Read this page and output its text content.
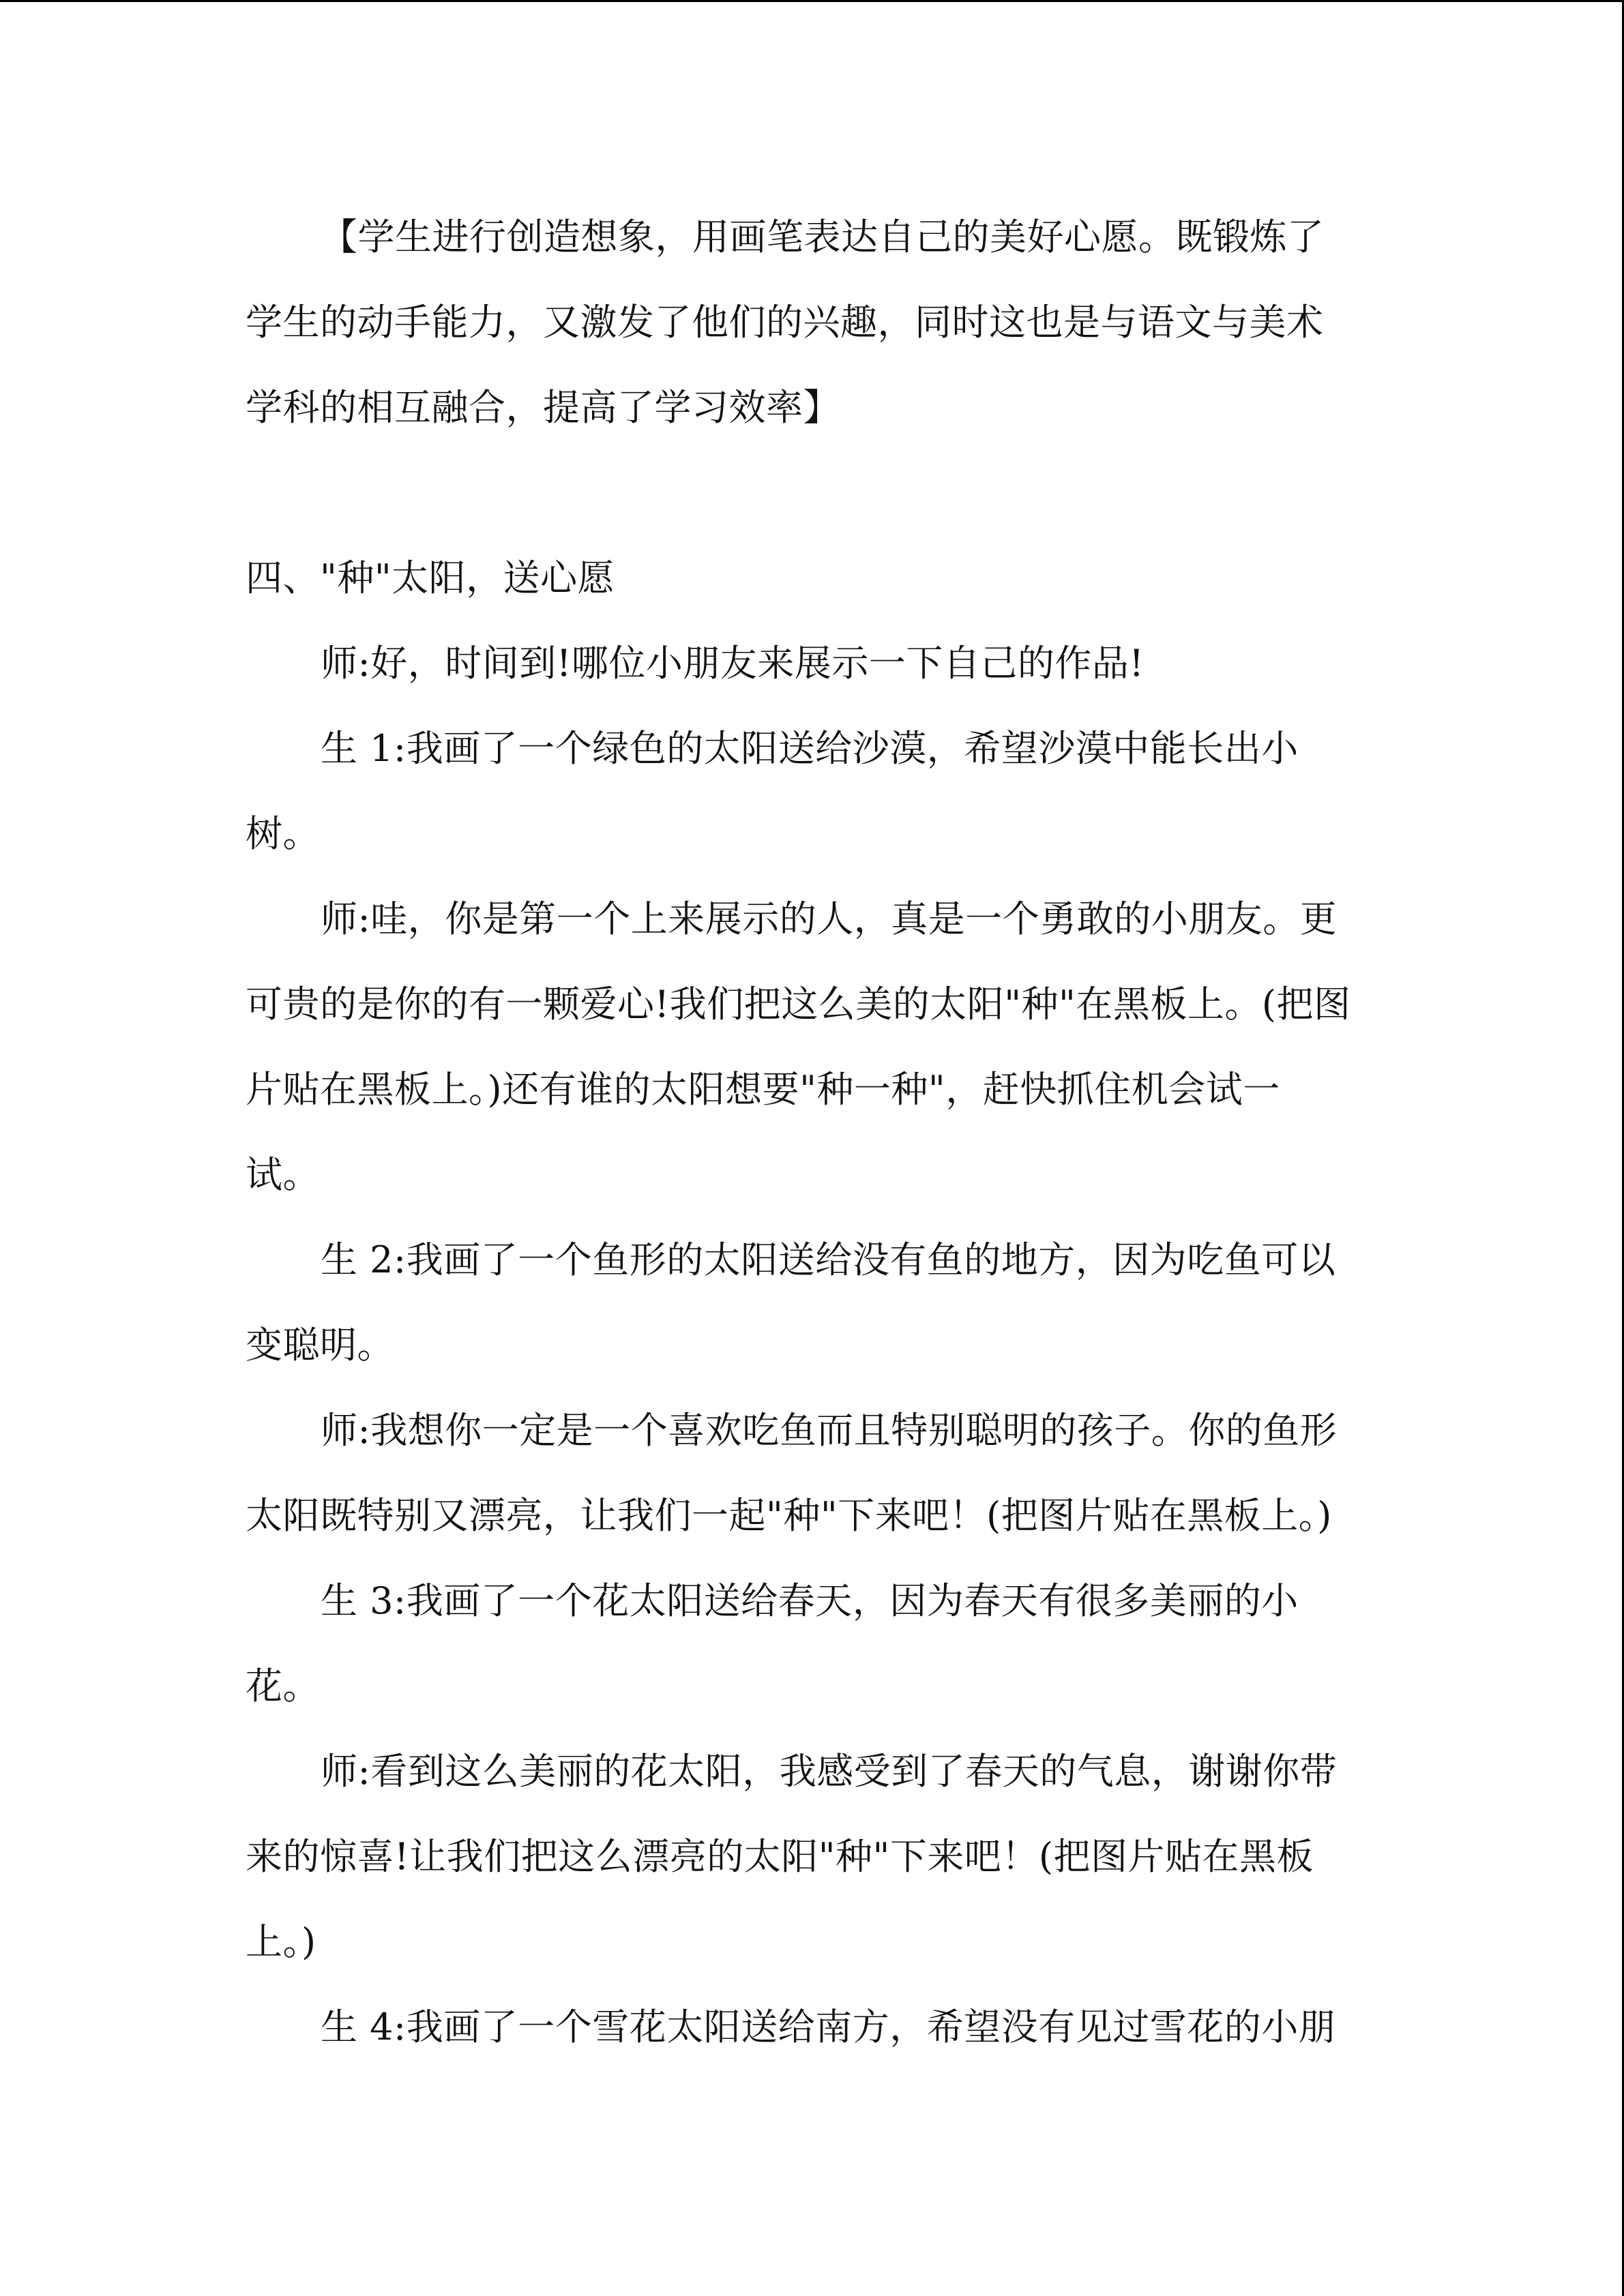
【学生进行创造想象，用画笔表达自己的美好心愿。既锻炼了
学生的动手能力，又激发了他们的兴趣，同时这也是与语文与美术
学科的相互融合，提高了学习效率】
四、"种"太阳，送心愿
师:好，时间到!哪位小朋友来展示一下自己的作品!
生 1:我画了一个绿色的太阳送给沙漠，希望沙漠中能长出小
树。
师:哇，你是第一个上来展示的人，真是一个勇敢的小朋友。更
可贵的是你的有一颗爱心!我们把这么美的太阳"种"在黑板上。(把图
片贴在黑板上。)还有谁的太阳想要"种一种"，赶快抓住机会试一
试。
生 2:我画了一个鱼形的太阳送给没有鱼的地方，因为吃鱼可以
变聪明。
师:我想你一定是一个喜欢吃鱼而且特别聪明的孩子。你的鱼形
太阳既特别又漂亮，让我们一起"种"下来吧！(把图片贴在黑板上。)
生 3:我画了一个花太阳送给春天，因为春天有很多美丽的小
花。
师:看到这么美丽的花太阳，我感受到了春天的气息，谢谢你带
来的惊喜!让我们把这么漂亮的太阳"种"下来吧！(把图片贴在黑板
上。)
生 4:我画了一个雪花太阳送给南方，希望没有见过雪花的小朋
